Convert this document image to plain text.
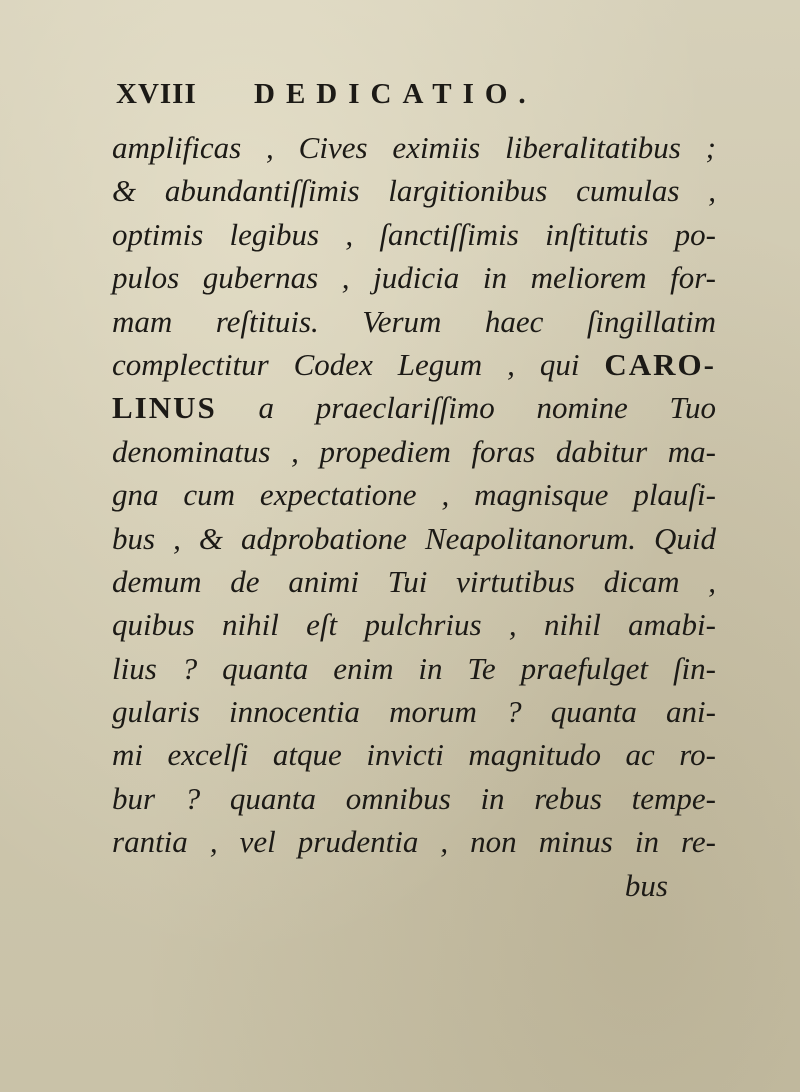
XVIII DEDICATIO.
amplificas , Cives eximiis liberalitatibus ;
& abundantiſſimis largitionibus cumulas ,
optimis legibus , ſanctiſſimis inſtitutis po-
pulos gubernas , judicia in meliorem for-
mam reſtituis. Verum haec ſingillatim
complectitur Codex Legum , qui CARO-
LINUS a praeclariſſimo nomine Tuo
denominatus , propediem foras dabitur ma-
gna cum expectatione , magnisque plauſi-
bus , & adprobatione Neapolitanorum. Quid
demum de animi Tui virtutibus dicam ,
quibus nihil eſt pulchrius , nihil amabi-
lius ? quanta enim in Te praefulget ſin-
gularis innocentia morum ? quanta ani-
mi excelſi atque invicti magnitudo ac ro-
bur ? quanta omnibus in rebus tempe-
rantia , vel prudentia , non minus in re-
bus
